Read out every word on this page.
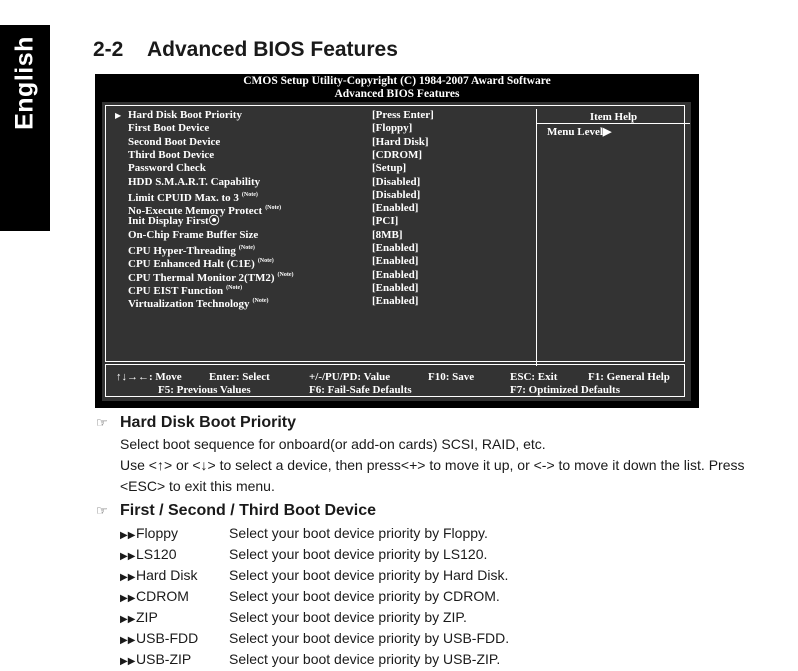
English	2-2 Advanced BIOS Features
CMOS Setup Utility-Copyright (C) 1984-2007 Award Software
Advanced BIOS Features
▶ Hard Disk Boot Priority	[Press Enter]
First Boot Device	[Floppy]
Second Boot Device	[Hard Disk]
Third Boot Device	[CDROM]
Password Check	[Setup]
HDD S.M.A.R.T. Capability	[Disabled]
Limit CPUID Max. to 3 $^{(Note)}$	[Disabled]
No-Execute Memory Protect $^{(Note)}$	[Enabled]
Init Display First⦿	[PCI]
On-Chip Frame Buffer Size	[8MB]
CPU Hyper-Threading $^{(Note)}$	[Enabled]
CPU Enhanced Halt (C1E) $^{(Note)}$	[Enabled]
CPU Thermal Monitor 2(TM2) $^{(Note)}$	[Enabled]
CPU EIST Function $^{(Note)}$	[Enabled]
Virtualization Technology $^{(Note)}$	[Enabled]
Item Help
Menu Level▶
↑↓→←: Move Enter: Select	+/-/PU/PD: Value	F10: Save	ESC: Exit	F1: General Help
F5: Previous Values	F6: Fail-Safe Defaults	F7: Optimized Defaults
☞ Hard Disk Boot Priority
Select boot sequence for onboard(or add-on cards) SCSI, RAID, etc.
Use <↑> or <↓> to select a device, then press<+> to move it up, or <-> to move it down the list. Press
<ESC> to exit this menu.
☞ First / Second / Third Boot Device
▶▶Floppy	Select your boot device priority by Floppy.
▶▶LS120	Select your boot device priority by LS120.
▶▶Hard Disk Select your boot device priority by Hard Disk.
▶▶CDROM	Select your boot device priority by CDROM.
▶▶ZIP	Select your boot device priority by ZIP.
▶▶USB-FDD Select your boot device priority by USB-FDD.
▶▶USB-ZIP	Select your boot device priority by USB-ZIP.
